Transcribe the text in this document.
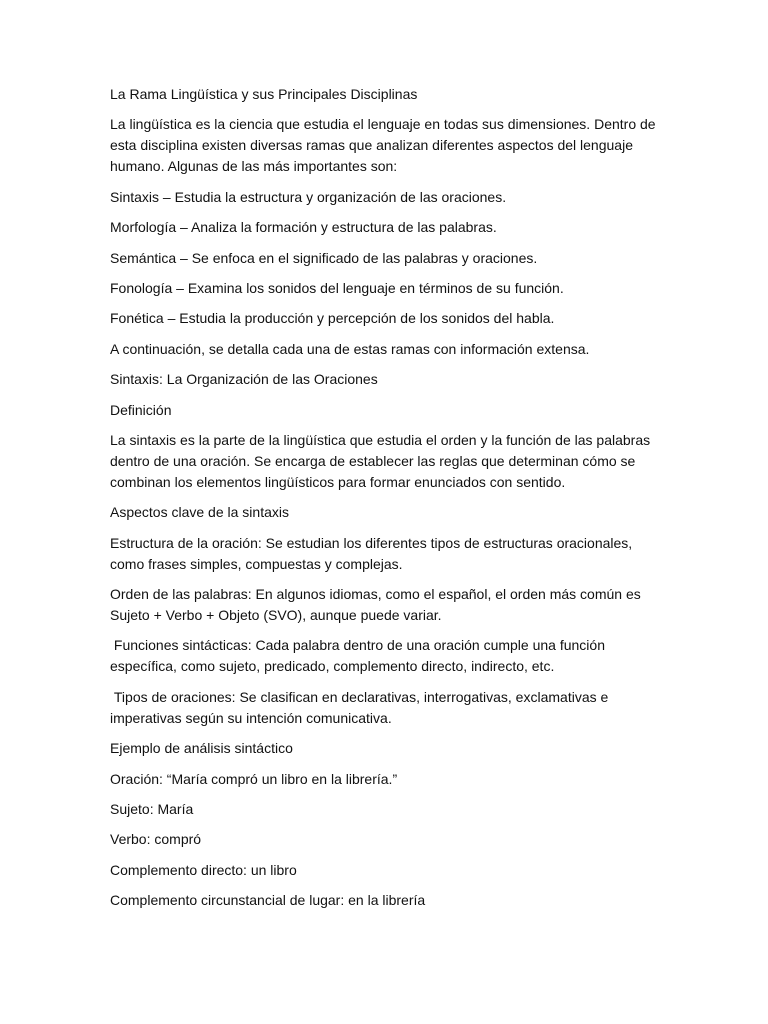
La Rama Lingüística y sus Principales Disciplinas

La lingüística es la ciencia que estudia el lenguaje en todas sus dimensiones. Dentro de esta disciplina existen diversas ramas que analizan diferentes aspectos del lenguaje humano. Algunas de las más importantes son:

Sintaxis – Estudia la estructura y organización de las oraciones.

Morfología – Analiza la formación y estructura de las palabras.

Semántica – Se enfoca en el significado de las palabras y oraciones.

Fonología – Examina los sonidos del lenguaje en términos de su función.

Fonética – Estudia la producción y percepción de los sonidos del habla.

A continuación, se detalla cada una de estas ramas con información extensa.

Sintaxis: La Organización de las Oraciones

Definición

La sintaxis es la parte de la lingüística que estudia el orden y la función de las palabras dentro de una oración. Se encarga de establecer las reglas que determinan cómo se combinan los elementos lingüísticos para formar enunciados con sentido.

Aspectos clave de la sintaxis

Estructura de la oración: Se estudian los diferentes tipos de estructuras oracionales, como frases simples, compuestas y complejas.

Orden de las palabras: En algunos idiomas, como el español, el orden más común es Sujeto + Verbo + Objeto (SVO), aunque puede variar.

Funciones sintácticas: Cada palabra dentro de una oración cumple una función específica, como sujeto, predicado, complemento directo, indirecto, etc.

Tipos de oraciones: Se clasifican en declarativas, interrogativas, exclamativas e imperativas según su intención comunicativa.

Ejemplo de análisis sintáctico

Oración: “María compró un libro en la librería.”

Sujeto: María

Verbo: compró

Complemento directo: un libro

Complemento circunstancial de lugar: en la librería
